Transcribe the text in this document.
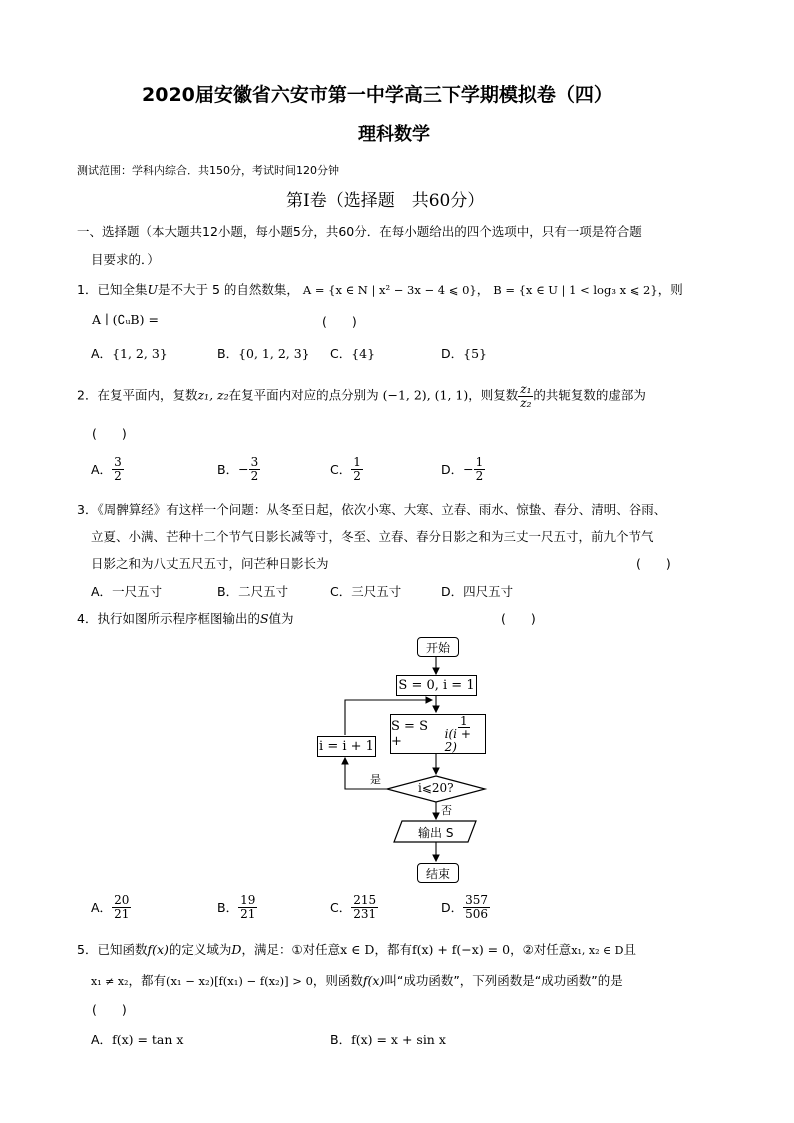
2020届安徽省六安市第一中学高三下学期模拟卷（四）
理科数学
测试范围：学科内综合．共150分，考试时间120分钟
第Ⅰ卷（选择题　共60分）
一、选择题（本大题共12小题，每小题5分，共60分．在每小题给出的四个选项中，只有一项是符合题
目要求的．）
1．已知全集U是不大于 5 的自然数集， A = {x ∈ N | x² − 3x − 4 ⩽ 0}， B = {x ∈ U | 1 < log₃ x ⩽ 2}，则
A ∣ (∁ᵤB) =	(　　)
A．{1, 2, 3}	B．{0, 1, 2, 3} C．{4}	D．{5}
2．在复平面内，复数z₁, z₂在复平面内对应的点分别为 (−1, 2), (1, 1)，则复数 $\frac{\text{z₁}}{\text{z₂}}$ 的共轭复数的虚部为
(　　)
A． $\frac{3}{2}$	B．− $\frac{3}{2}$	C． $\frac{1}{2}$	D．− $\frac{1}{2}$
3．《周髀算经》有这样一个问题：从冬至日起，依次小寒、大寒、立春、雨水、惊蛰、春分、清明、谷雨、
立夏、小满、芒种十二个节气日影长减等寸，冬至、立春、春分日影之和为三丈一尺五寸，前九个节气
日影之和为八丈五尺五寸，问芒种日影长为	(　　)
A．一尺五寸	B．二尺五寸	C．三尺五寸	D．四尺五寸
4．执行如图所示程序框图输出的S值为	(　　)
开始
S = 0, i = 1
S = S +
	$\frac{1}{i(i + 2)}$
i = i + 1
i⩽20?
是
否
输出 S
结束
A． $\frac{20}{21}$	B． $\frac{19}{21}$	C． $\frac{215}{231}$	D． $\frac{357}{506}$
5．已知函数f(x)的定义域为D，满足：①对任意x ∈ D，都有f(x) + f(−x) = 0，②对任意x₁, x₂ ∈ D且
x₁ ≠ x₂，都有(x₁ − x₂)[f(x₁) − f(x₂)] > 0，则函数f(x)叫“成功函数”，下列函数是“成功函数”的是
(　　)
A．f(x) = tan x	B．f(x) = x + sin x
